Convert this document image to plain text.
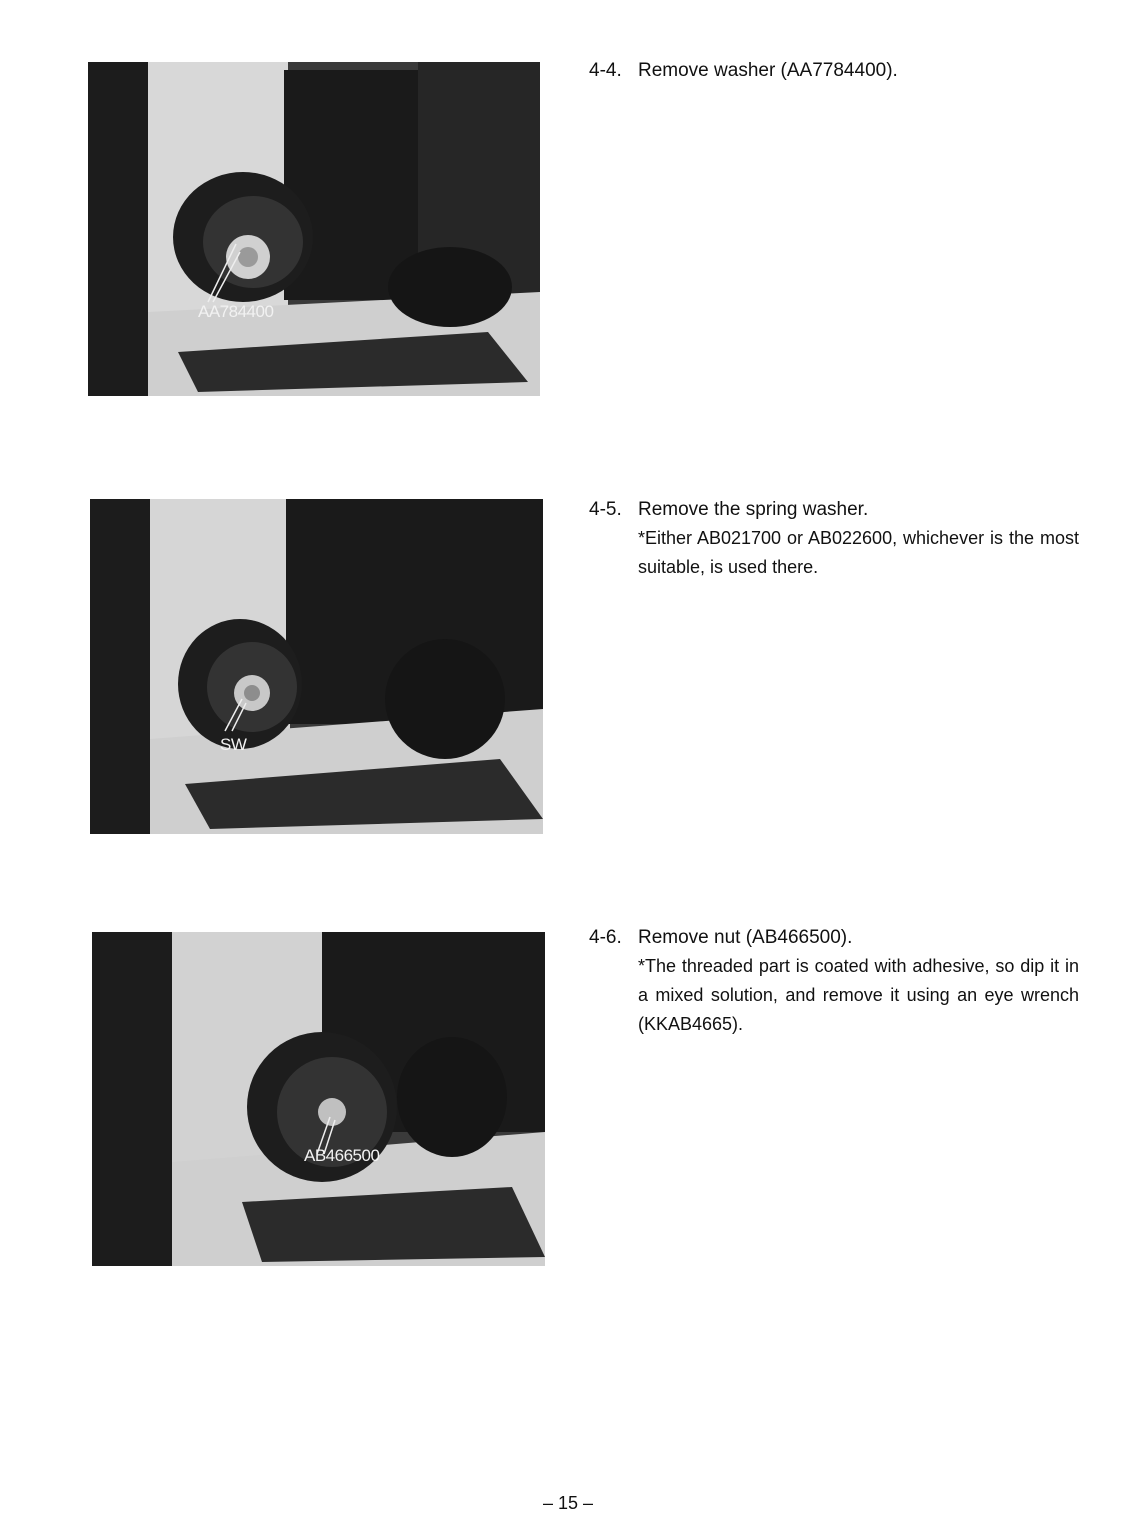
AA784400
4-4. Remove washer (AA7784400).
SW
4-5. Remove the spring washer.
*Either AB021700 or AB022600, whichever is the most suitable, is used there.
AB466500
4-6. Remove nut (AB466500).
*The threaded part is coated with adhesive, so dip it in a mixed solution, and remove it using an eye wrench (KKAB4665).
– 15 –
